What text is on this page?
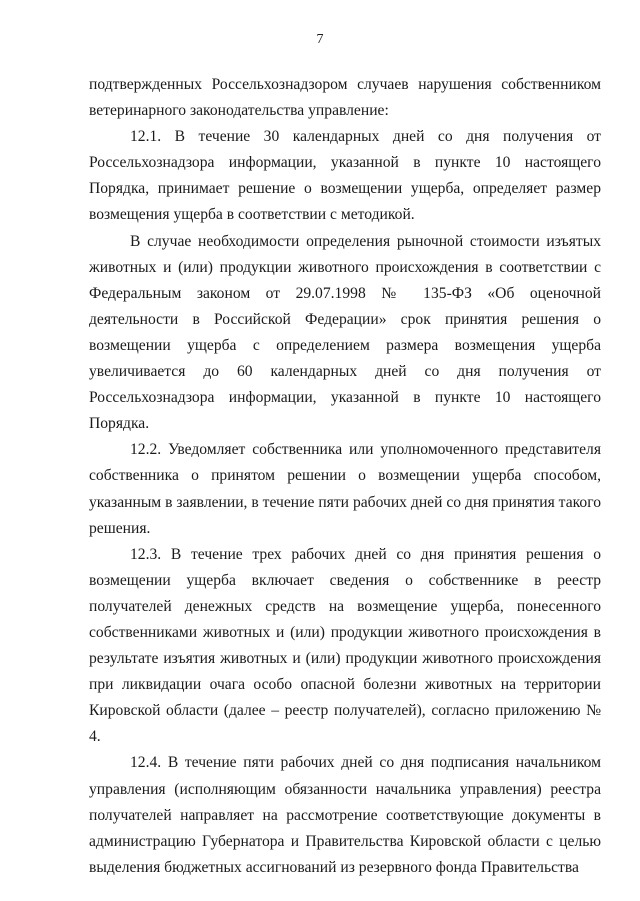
7

подтвержденных Россельхознадзором случаев нарушения собственником ветеринарного законодательства управление:

12.1. В течение 30 календарных дней со дня получения от Россельхознадзора информации, указанной в пункте 10 настоящего Порядка, принимает решение о возмещении ущерба, определяет размер возмещения ущерба в соответствии с методикой.

В случае необходимости определения рыночной стоимости изъятых животных и (или) продукции животного происхождения в соответствии с Федеральным законом от 29.07.1998 № 135-ФЗ «Об оценочной деятельности в Российской Федерации» срок принятия решения о возмещении ущерба с определением размера возмещения ущерба увеличивается до 60 календарных дней со дня получения от Россельхознадзора информации, указанной в пункте 10 настоящего Порядка.

12.2. Уведомляет собственника или уполномоченного представителя собственника о принятом решении о возмещении ущерба способом, указанным в заявлении, в течение пяти рабочих дней со дня принятия такого решения.

12.3. В течение трех рабочих дней со дня принятия решения о возмещении ущерба включает сведения о собственнике в реестр получателей денежных средств на возмещение ущерба, понесенного собственниками животных и (или) продукции животного происхождения в результате изъятия животных и (или) продукции животного происхождения при ликвидации очага особо опасной болезни животных на территории Кировской области (далее – реестр получателей), согласно приложению № 4.

12.4. В течение пяти рабочих дней со дня подписания начальником управления (исполняющим обязанности начальника управления) реестра получателей направляет на рассмотрение соответствующие документы в администрацию Губернатора и Правительства Кировской области с целью выделения бюджетных ассигнований из резервного фонда Правительства
